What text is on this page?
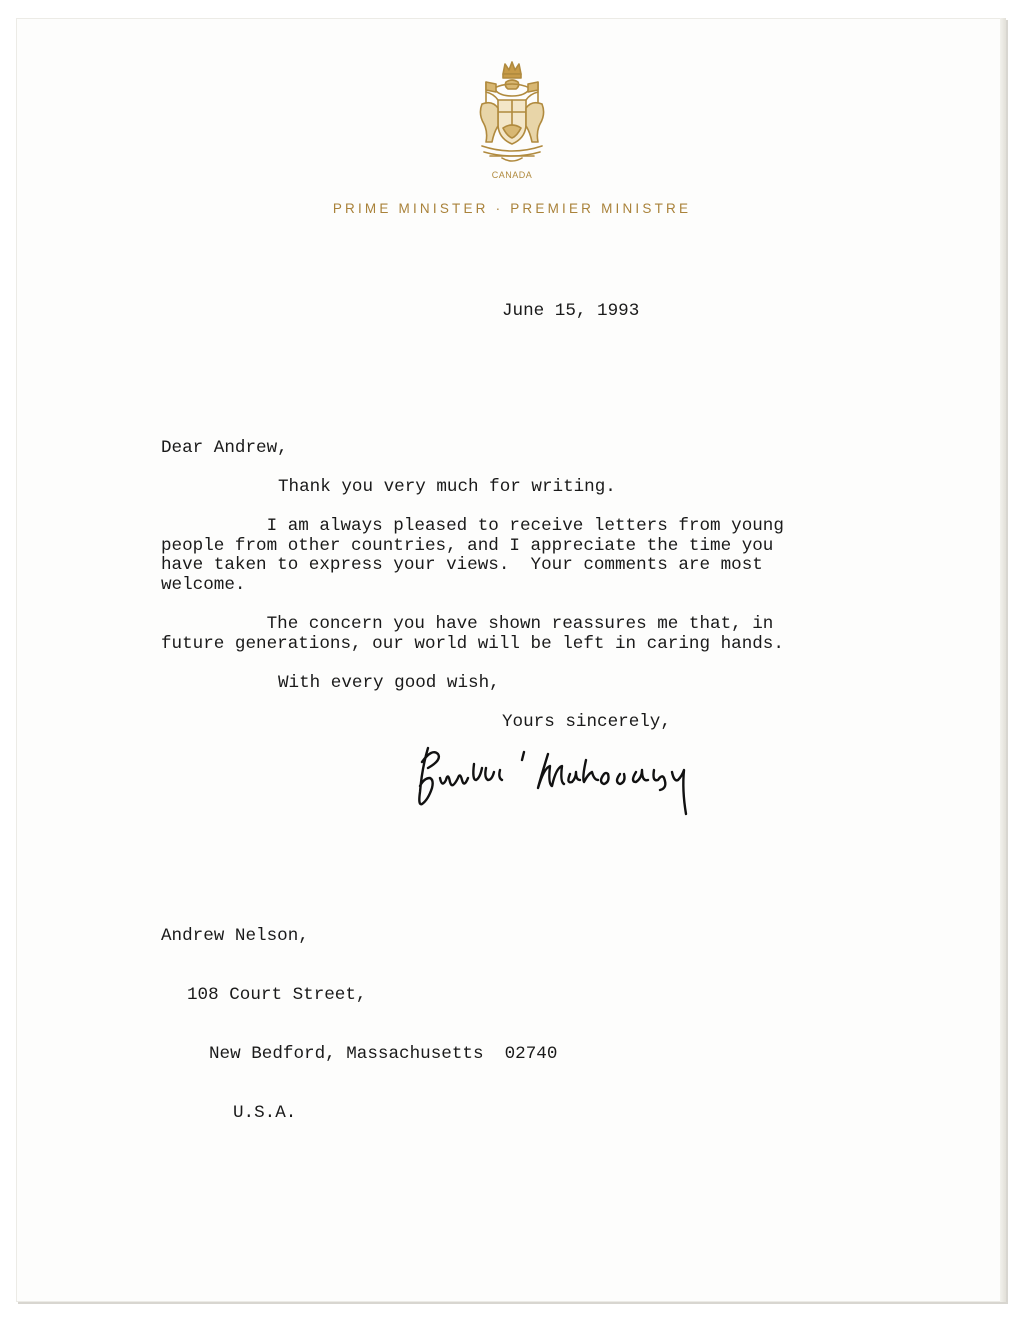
CANADA
PRIME MINISTER · PREMIER MINISTRE
June 15, 1993
Dear Andrew,
Thank you very much for writing.
I am always pleased to receive letters from young
people from other countries, and I appreciate the time you
have taken to express your views.  Your comments are most
welcome.
The concern you have shown reassures me that, in
future generations, our world will be left in caring hands.
With every good wish,
Yours sincerely,

Andrew Nelson,

108 Court Street,

New Bedford, Massachusetts  02740

U.S.A.
